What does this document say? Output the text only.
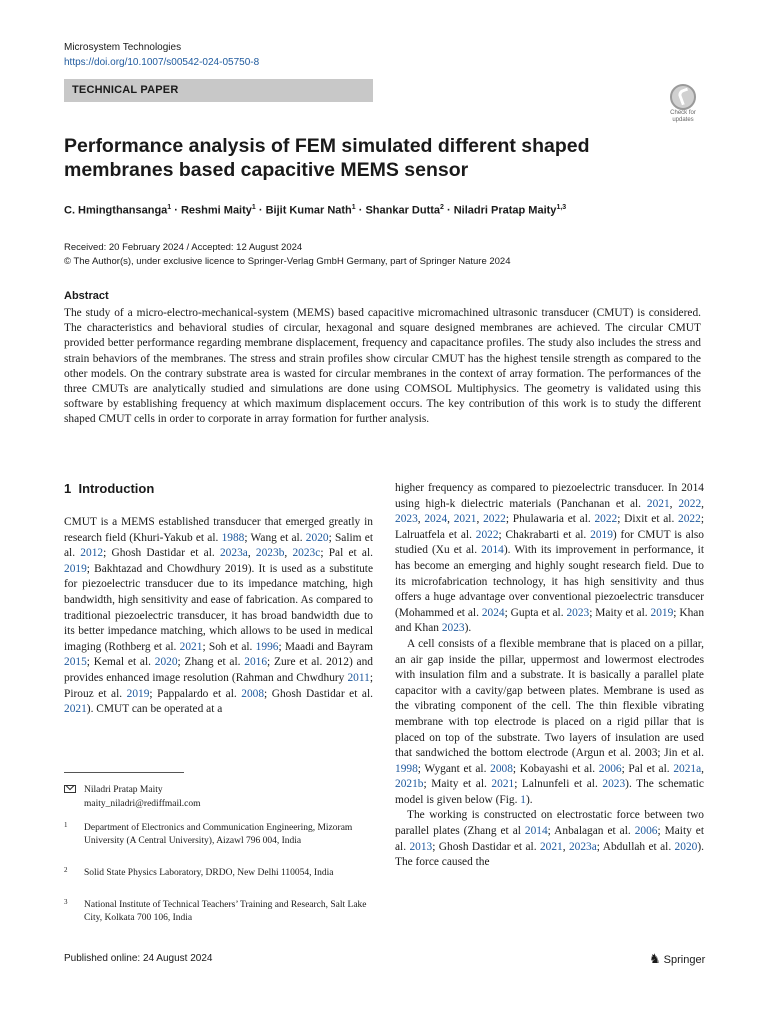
Microsystem Technologies
https://doi.org/10.1007/s00542-024-05750-8
TECHNICAL PAPER
Check for
updates
Performance analysis of FEM simulated different shaped membranes based capacitive MEMS sensor
C. Hmingthansanga$^1$ · Reshmi Maity$^1$ · Bijit Kumar Nath$^1$ · Shankar Dutta$^2$ · Niladri Pratap Maity$^{1,3}$
Received: 20 February 2024 / Accepted: 12 August 2024
© The Author(s), under exclusive licence to Springer-Verlag GmbH Germany, part of Springer Nature 2024
Abstract

The study of a micro-electro-mechanical-system (MEMS) based capacitive micromachined ultrasonic transducer (CMUT) is considered. The characteristics and behavioral studies of circular, hexagonal and square designed membranes are achieved. The circular CMUT provided better performance regarding membrane displacement, frequency and capacitance profiles. The study also includes the stress and strain behaviors of the membranes. The stress and strain profiles show circular CMUT has the highest tensile strength as compared to the other models. On the contrary substrate area is wasted for circular membranes in the context of array formation. The performances of the three CMUTs are analytically studied and simulations are done using COMSOL Multiphysics. The geometry is validated using this software by establishing frequency at which maximum displacement occurs. The key contribution of this work is to study the different shaped CMUT cells in order to corporate in array formation for further analysis.

1 Introduction

CMUT is a MEMS established transducer that emerged greatly in research field (Khuri-Yakub et al. 1988; Wang et al. 2020; Salim et al. 2012; Ghosh Dastidar et al. 2023a, 2023b, 2023c; Pal et al. 2019; Bakhtazad and Chowdhury 2019). It is used as a substitute for piezoelectric transducer due to its impedance matching, high bandwidth, high sensitivity and ease of fabrication. As compared to traditional piezoelectric transducer, it has broad bandwidth due to its better impedance matching, which allows to be used in medical imaging (Rothberg et al. 2021; Soh et al. 1996; Maadi and Bayram 2015; Kemal et al. 2020; Zhang et al. 2016; Zure et al. 2012) and provides enhanced image resolution (Rahman and Chwdhury 2011; Pirouz et al. 2019; Pappalardo et al. 2008; Ghosh Dastidar et al. 2021). CMUT can be operated at a

higher frequency as compared to piezoelectric transducer. In 2014 using high-k dielectric materials (Panchanan et al. 2021, 2022, 2023, 2024, 2021, 2022; Phulawaria et al. 2022; Dixit et al. 2022; Lalruatfela et al. 2022; Chakrabarti et al. 2019) for CMUT is also studied (Xu et al. 2014). With its improvement in performance, it has become an emerging and highly sought research field. Due to its microfabrication technology, it has high sensitivity and thus offers a huge advantage over conventional piezoelectric transducer (Mohammed et al. 2024; Gupta et al. 2023; Maity et al. 2019; Khan and Khan 2023).

A cell consists of a flexible membrane that is placed on a pillar, an air gap inside the pillar, uppermost and lowermost electrodes with insulation film and a substrate. It is basically a parallel plate capacitor with a cavity/gap between plates. Membrane is used as the vibrating component of the cell. The thin flexible vibrating membrane with top electrode is placed on a rigid pillar that is placed on top of the substrate. Two layers of insulation are used that sandwiched the bottom electrode (Argun et al. 2003; Jin et al. 1998; Wygant et al. 2008; Kobayashi et al. 2006; Pal et al. 2021a, 2021b; Maity et al. 2021; Lalnunfeli et al. 2023). The schematic model is given below (Fig. 1).

The working is constructed on electrostatic force between two parallel plates (Zhang et al 2014; Anbalagan et al. 2006; Maity et al. 2013; Ghosh Dastidar et al. 2021, 2023a; Abdullah et al. 2020). The force caused the

Niladri Pratap Maity
maity_niladri@rediffmail.com
1 Department of Electronics and Communication Engineering, Mizoram University (A Central University), Aizawl 796 004, India
2 Solid State Physics Laboratory, DRDO, New Delhi 110054, India
3 National Institute of Technical Teachers’ Training and Research, Salt Lake City, Kolkata 700 106, India
Published online: 24 August 2024	♞ Springer
